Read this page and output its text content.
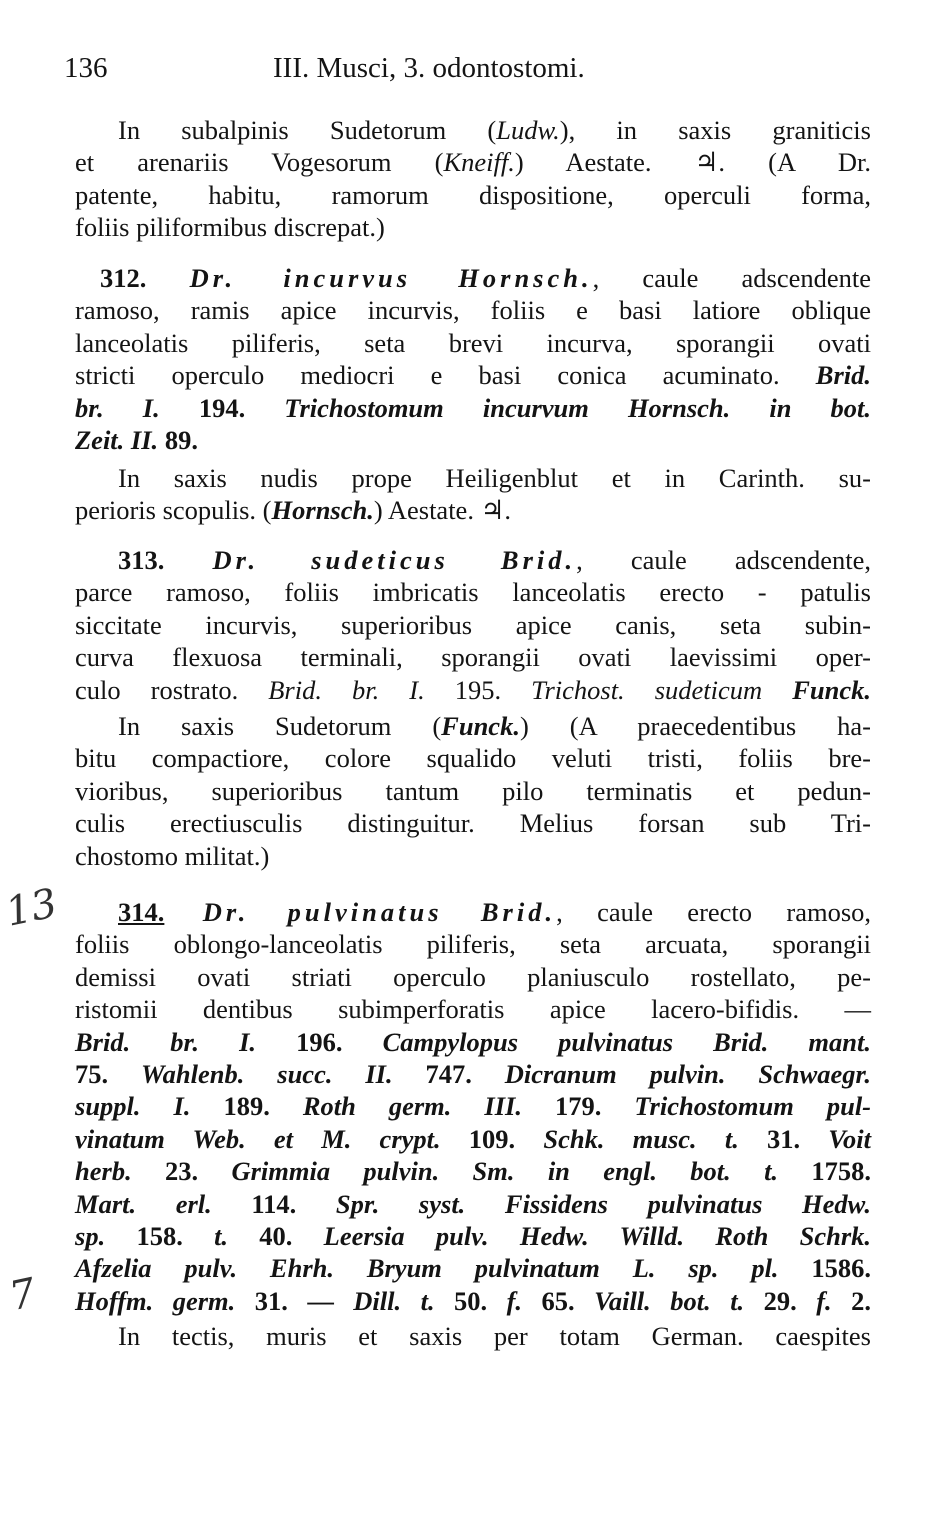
136	III. Musci, 3. odontostomi.
13
7
In subalpinis Sudetorum (Ludw.), in saxis graniticis
et arenariis Vogesorum (Kneiff.) Aestate. ♃. (A Dr.
patente, habitu, ramorum dispositione, operculi forma,
foliis piliformibus discrepat.)
312. Dr. incurvus Hornsch., caule adscendente
ramoso, ramis apice incurvis, foliis e basi latiore oblique
lanceolatis piliferis, seta brevi incurva, sporangii ovati
stricti operculo mediocri e basi conica acuminato. Brid.
br. I. 194. Trichostomum incurvum Hornsch. in bot.
Zeit. II. 89.
In saxis nudis prope Heiligenblut et in Carinth. su-
perioris scopulis. (Hornsch.) Aestate. ♃.
313. Dr. sudeticus Brid., caule adscendente,
parce ramoso, foliis imbricatis lanceolatis erecto - patulis
siccitate incurvis, superioribus apice canis, seta subin-
curva flexuosa terminali, sporangii ovati laevissimi oper-
culo rostrato. Brid. br. I. 195. Trichost. sudeticum Funck.
In saxis Sudetorum (Funck.) (A praecedentibus ha-
bitu compactiore, colore squalido veluti tristi, foliis bre-
vioribus, superioribus tantum pilo terminatis et pedun-
culis erectiusculis distinguitur. Melius forsan sub Tri-
chostomo militat.)
314. Dr. pulvinatus Brid., caule erecto ramoso,
foliis oblongo-lanceolatis piliferis, seta arcuata, sporangii
demissi ovati striati operculo planiusculo rostellato, pe-
ristomii dentibus subimperforatis apice lacero-bifidis. —
Brid. br. I. 196. Campylopus pulvinatus Brid. mant.
75. Wahlenb. succ. II. 747. Dicranum pulvin. Schwaegr.
suppl. I. 189. Roth germ. III. 179. Trichostomum pul-
vinatum Web. et M. crypt. 109. Schk. musc. t. 31. Voit
herb. 23. Grimmia pulvin. Sm. in engl. bot. t. 1758.
Mart. erl. 114. Spr. syst. Fissidens pulvinatus Hedw.
sp. 158. t. 40. Leersia pulv. Hedw. Willd. Roth Schrk.
Afzelia pulv. Ehrh. Bryum pulvinatum L. sp. pl. 1586.
Hoffm. germ. 31. — Dill. t. 50. f. 65. Vaill. bot. t. 29. f. 2.
In tectis, muris et saxis per totam German. caespites
